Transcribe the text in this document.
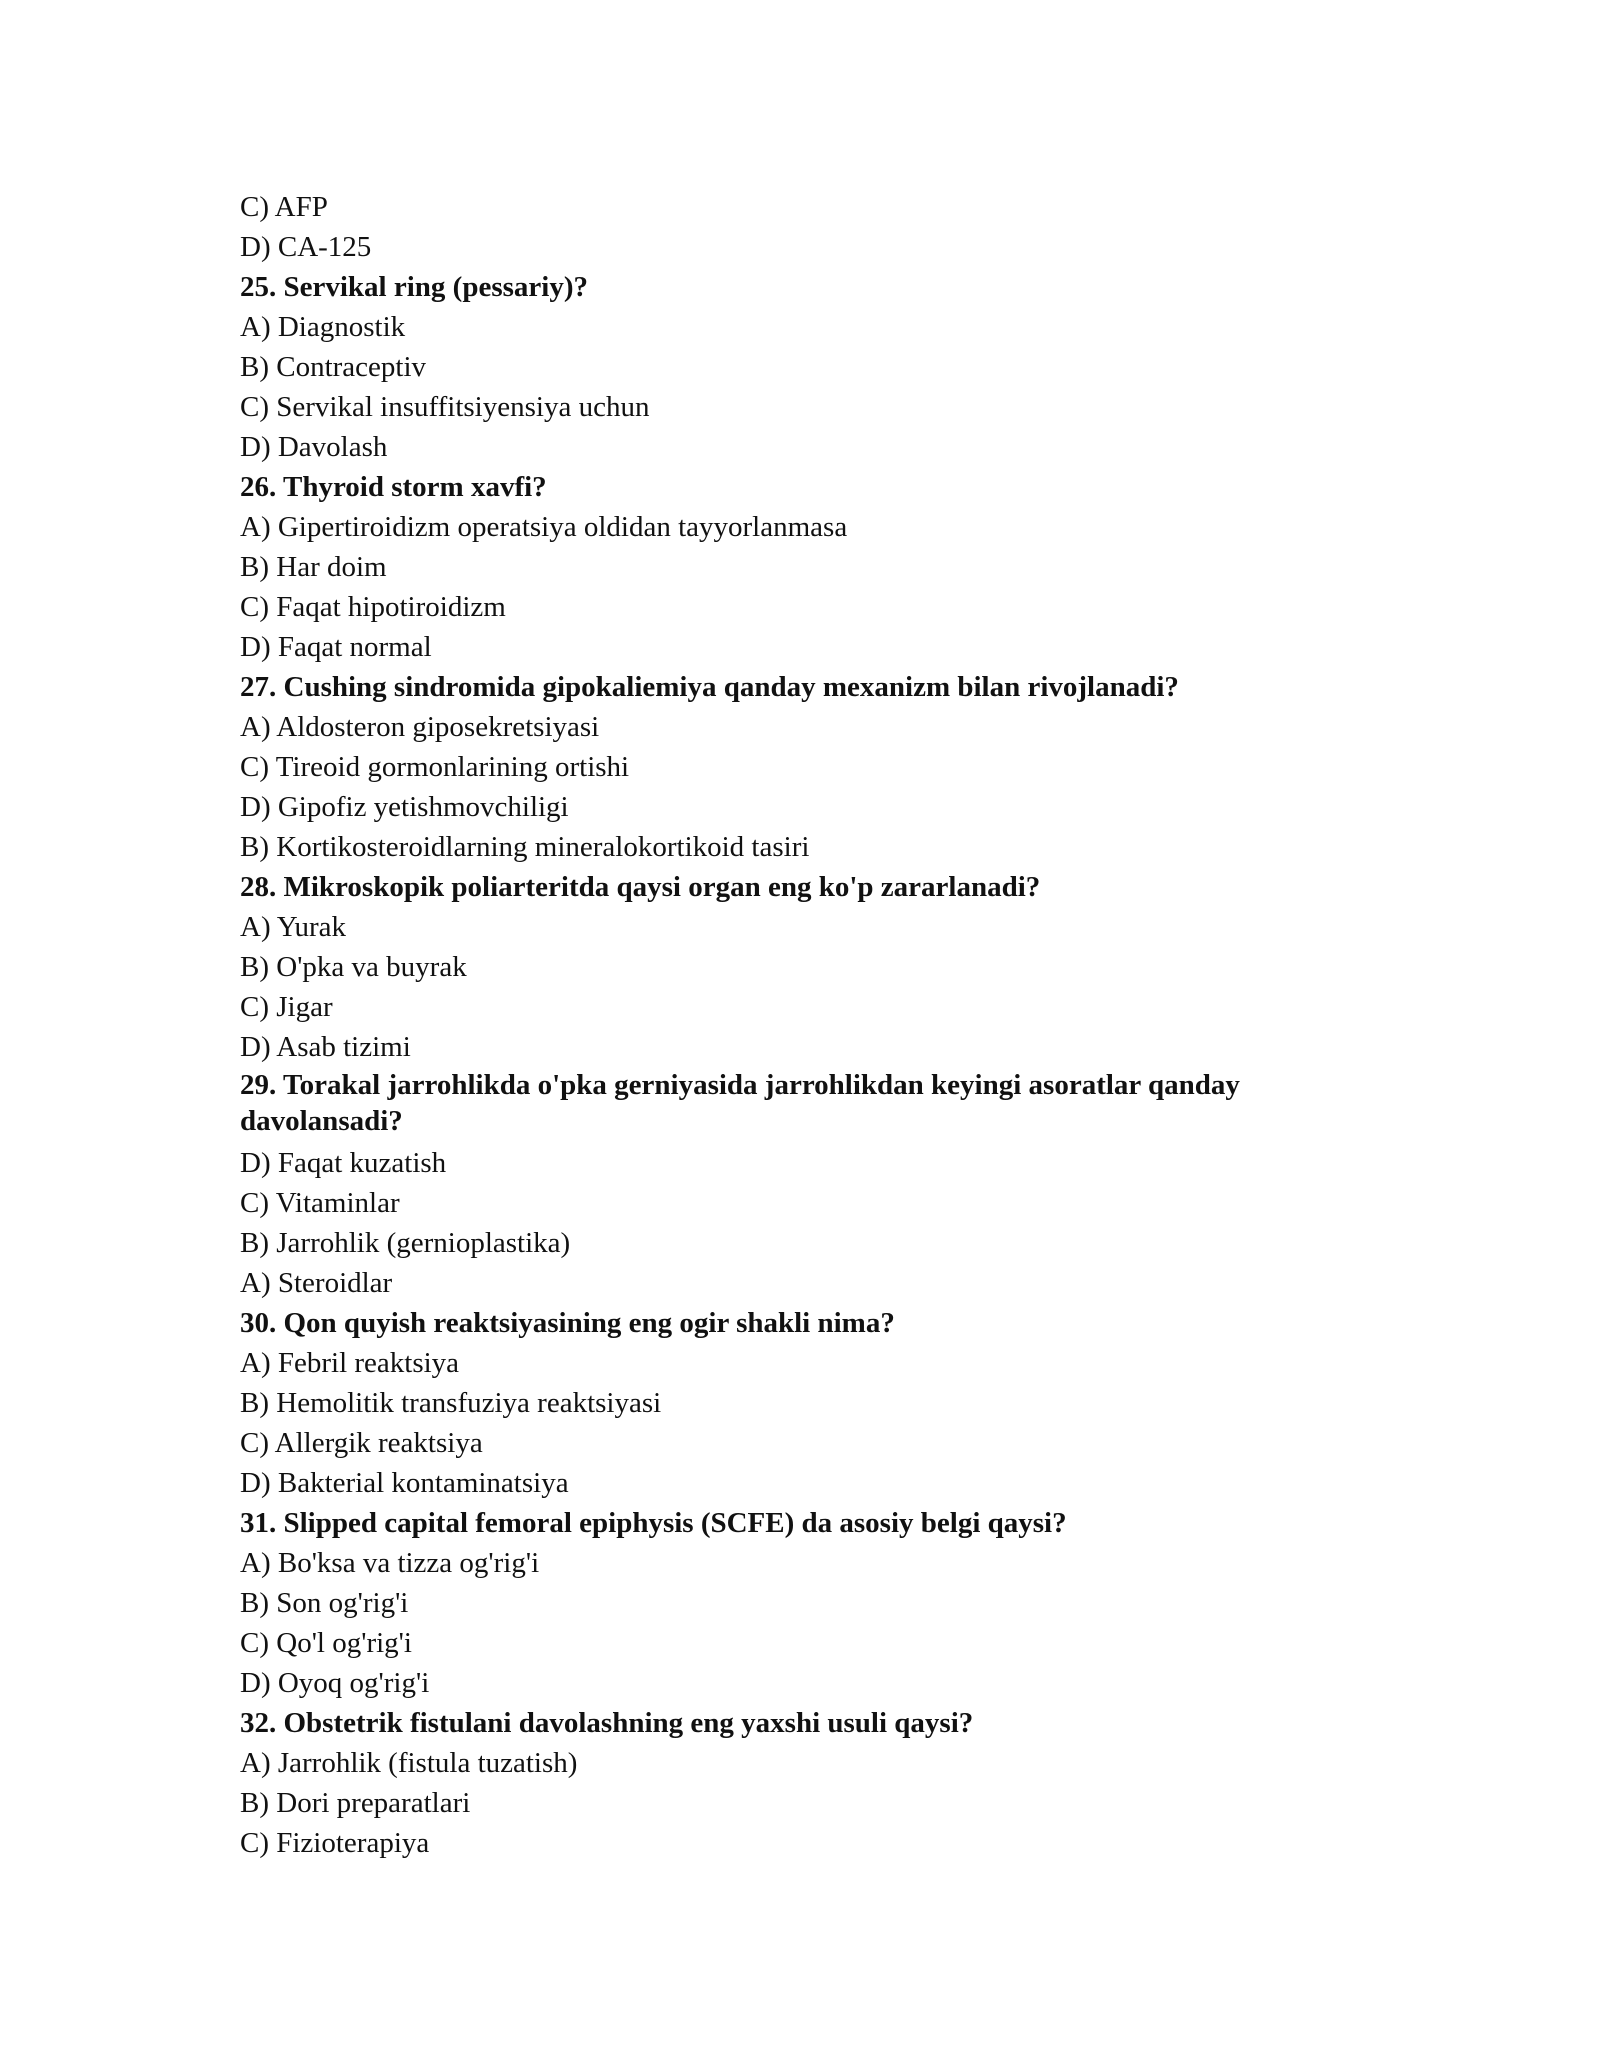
C) AFP
D) CA-125
25. Servikal ring (pessariy)?
A) Diagnostik
B) Contraceptiv
C) Servikal insuffitsiyensiya uchun
D) Davolash
26. Thyroid storm xavfi?
A) Gipertiroidizm operatsiya oldidan tayyorlanmasa
B) Har doim
C) Faqat hipotiroidizm
D) Faqat normal
27. Cushing sindromida gipokaliemiya qanday mexanizm bilan rivojlanadi?
A) Aldosteron giposekretsiyasi
C) Tireoid gormonlarining ortishi
D) Gipofiz yetishmovchiligi
B) Kortikosteroidlarning mineralokortikoid tasiri
28. Mikroskopik poliarteritda qaysi organ eng ko'p zararlanadi?
A) Yurak
B) O'pka va buyrak
C) Jigar
D) Asab tizimi
29. Torakal jarrohlikda o'pka gerniyasida jarrohlikdan keyingi asoratlar qanday davolansadi?
D) Faqat kuzatish
C) Vitaminlar
B) Jarrohlik (gernioplastika)
A) Steroidlar
30. Qon quyish reaktsiyasining eng ogir shakli nima?
A) Febril reaktsiya
B) Hemolitik transfuziya reaktsiyasi
C) Allergik reaktsiya
D) Bakterial kontaminatsiya
31. Slipped capital femoral epiphysis (SCFE) da asosiy belgi qaysi?
A) Bo'ksa va tizza og'rig'i
B) Son og'rig'i
C) Qo'l og'rig'i
D) Oyoq og'rig'i
32. Obstetrik fistulani davolashning eng yaxshi usuli qaysi?
A) Jarrohlik (fistula tuzatish)
B) Dori preparatlari
C) Fizioterapiya
